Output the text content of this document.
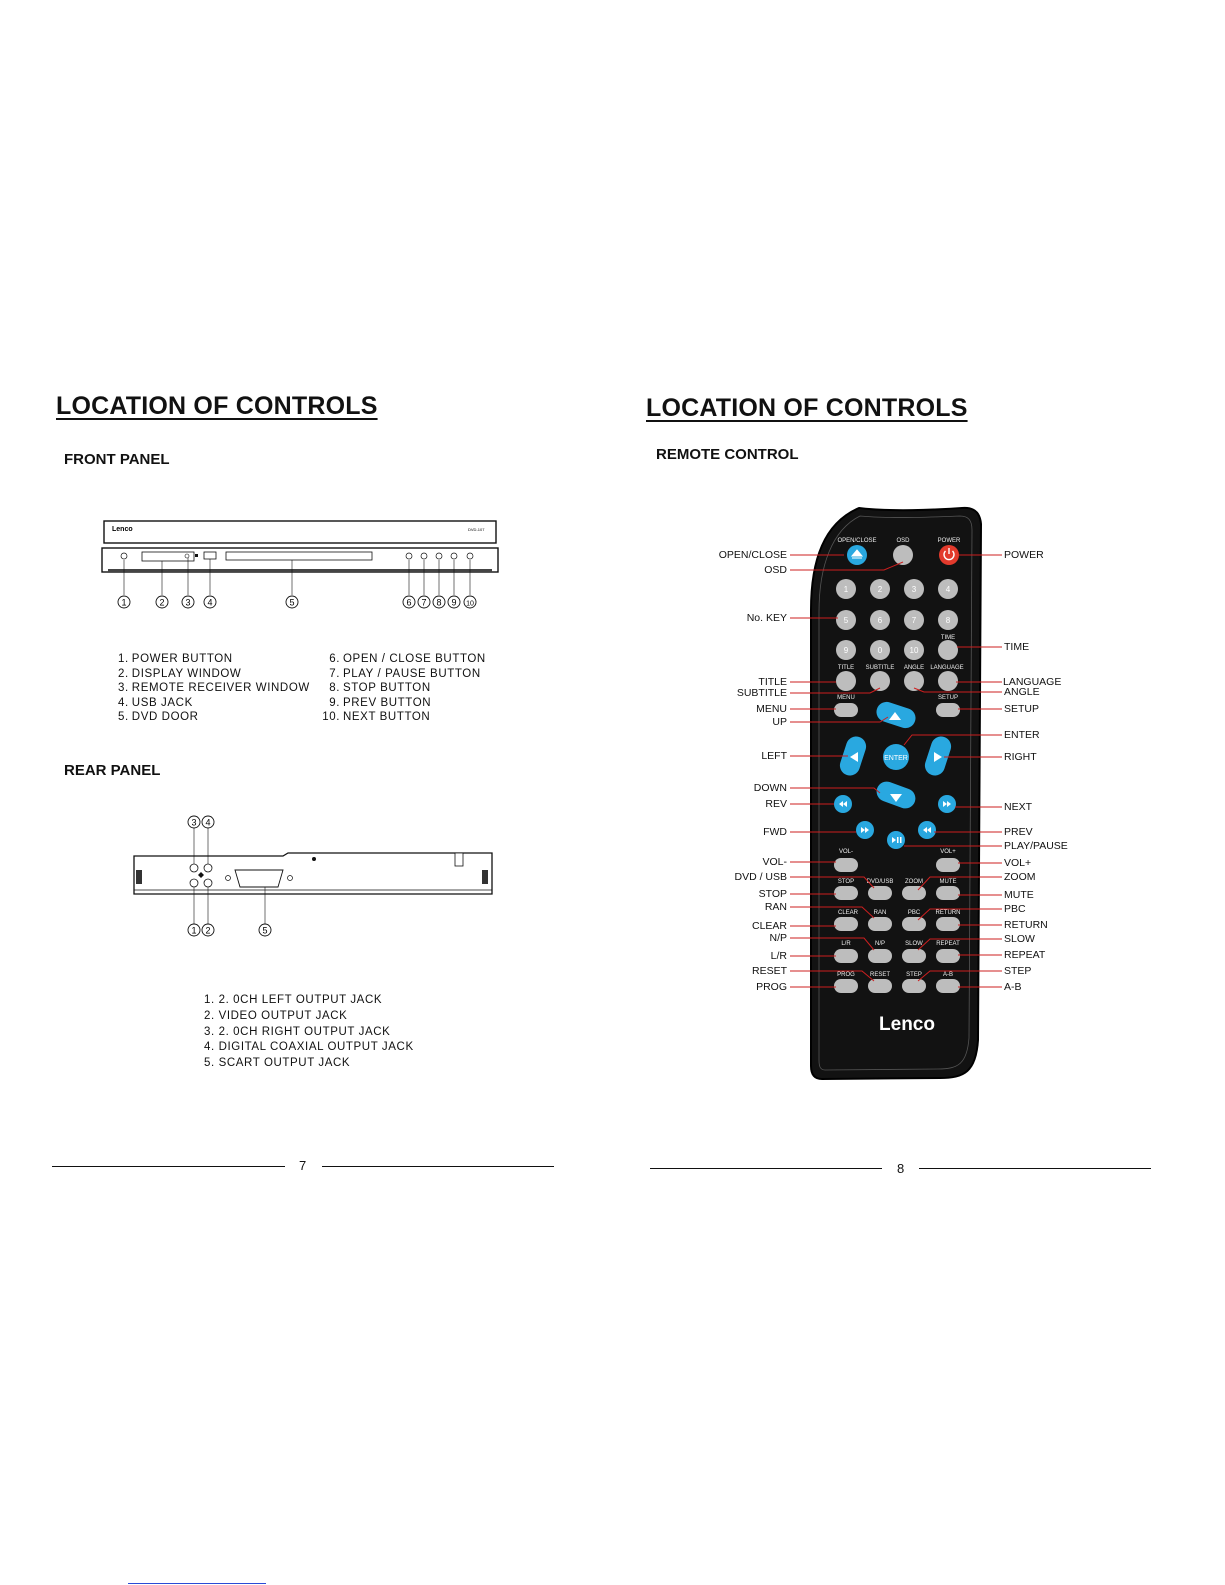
LOCATION OF CONTROLS
FRONT PANEL
Lenco	DVD-107
1	2 3 4	5	6 7 8 9 10
1. POWER BUTTON
2. DISPLAY WINDOW
3. REMOTE RECEIVER WINDOW
4. USB JACK
5. DVD DOOR
6. OPEN / CLOSE BUTTON
7. PLAY / PAUSE BUTTON
8. STOP BUTTON
9. PREV BUTTON
10. NEXT BUTTON
REAR PANEL
3 4
1 2	5
1. 2. 0CH LEFT OUTPUT JACK
2. VIDEO OUTPUT JACK
3. 2. 0CH RIGHT OUTPUT JACK
4. DIGITAL COAXIAL OUTPUT JACK
5. SCART OUTPUT JACK
7
LOCATION OF CONTROLS
REMOTE CONTROL
OPEN/CLOSE	OSD	POWER
1	2	3	4
5	6	7	8
9	0	10
TIME
TITLE SUBTITLE ANGLE LANGUAGE
MENU	SETUP
ENTER
VOL-	VOL+
STOP DVD/USB ZOOM	MUTE
CLEAR	RAN	PBC	RETURN
L/R	N/P	SLOW REPEAT
PROG	RESET	STEP	A-B
Lenco
OPEN/CLOSE
OSD
No. KEY
TITLE
SUBTITLE
MENU
UP
LEFT
DOWN
REV
FWD
VOL-
DVD / USB
STOP
RAN
CLEAR
N/P
L/R
RESET
PROG
POWER
TIME
LANGUAGE
ANGLE
SETUP
ENTER
RIGHT
NEXT
PREV
PLAY/PAUSE
VOL+
ZOOM
MUTE
PBC
RETURN
SLOW
REPEAT
STEP
A-B
8
